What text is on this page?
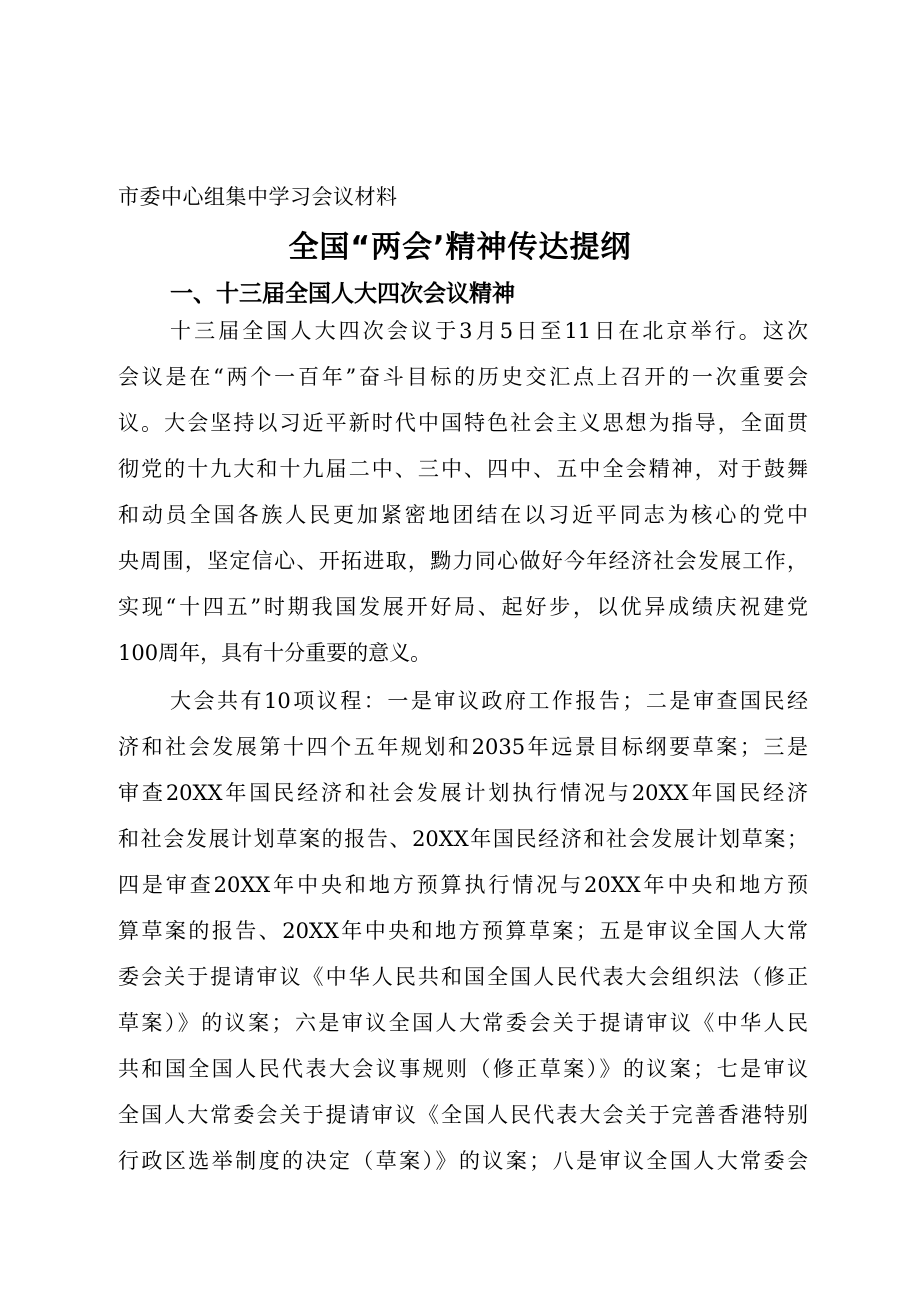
市委中心组集中学习会议材料
全国“两会’精神传达提纲
一、十三届全国人大四次会议精神
十三届全国人大四次会议于3月5日至11日在北京举行。这次
会议是在“两个一百年”奋斗目标的历史交汇点上召开的一次重要会
议。大会坚持以习近平新时代中国特色社会主义思想为指导，全面贯
彻党的十九大和十九届二中、三中、四中、五中全会精神，对于鼓舞
和动员全国各族人民更加紧密地团结在以习近平同志为核心的党中
央周围，坚定信心、开拓进取，黝力同心做好今年经济社会发展工作，
实现“十四五”时期我国发展开好局、起好步，以优异成绩庆祝建党
100周年，具有十分重要的意义。
大会共有10项议程：一是审议政府工作报告；二是审查国民经
济和社会发展第十四个五年规划和2035年远景目标纲要草案；三是
审查20XX年国民经济和社会发展计划执行情况与20XX年国民经济
和社会发展计划草案的报告、20XX年国民经济和社会发展计划草案；
四是审查20XX年中央和地方预算执行情况与20XX年中央和地方预
算草案的报告、20XX年中央和地方预算草案；五是审议全国人大常
委会关于提请审议《中华人民共和国全国人民代表大会组织法（修正
草案）》的议案；六是审议全国人大常委会关于提请审议《中华人民
共和国全国人民代表大会议事规则（修正草案）》的议案；七是审议
全国人大常委会关于提请审议《全国人民代表大会关于完善香港特别
行政区选举制度的决定（草案）》的议案；八是审议全国人大常委会
